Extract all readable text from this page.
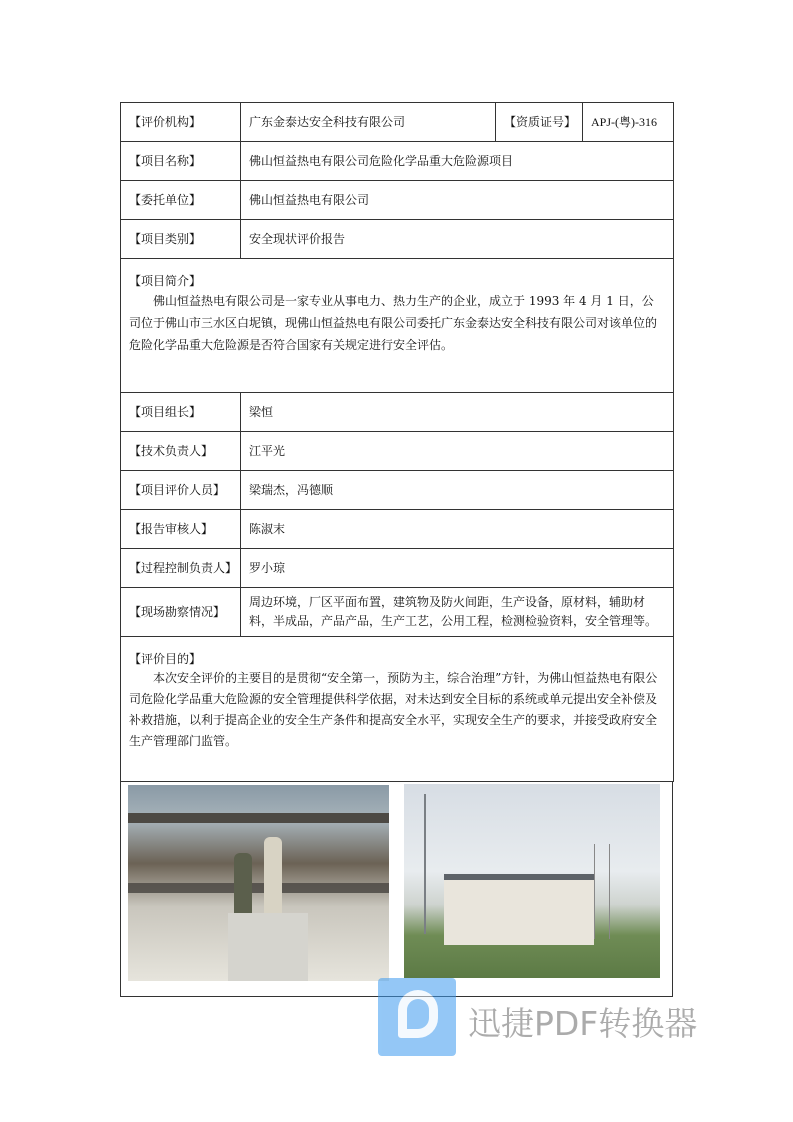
【评价机构】	广东金泰达安全科技有限公司	【资质证号】	APJ-(粤)-316
【项目名称】	佛山恒益热电有限公司危险化学品重大危险源项目		
【委托单位】	佛山恒益热电有限公司		
【项目类别】	安全现状评价报告		

【项目简介】

佛山恒益热电有限公司是一家专业从事电力、热力生产的企业，成立于 1993 年 4 月 1 日，公司位于佛山市三水区白坭镇，现佛山恒益热电有限公司委托广东金泰达安全科技有限公司对该单位的危险化学品重大危险源是否符合国家有关规定进行安全评估。			

【项目组长】	梁恒		
【技术负责人】	江平光		
【项目评价人员】	梁瑞杰，冯德顺		
【报告审核人】	陈淑末		
【过程控制负责人】	罗小琼		
【现场勘察情况】	周边环境，厂区平面布置，建筑物及防火间距，生产设备，原材料，辅助材料，半成品，产品产品，生产工艺，公用工程，检测检验资料，安全管理等。		

【评价目的】

本次安全评价的主要目的是贯彻“安全第一，预防为主，综合治理”方针，为佛山恒益热电有限公司危险化学品重大危险源的安全管理提供科学依据，对未达到安全目标的系统或单元提出安全补偿及补救措施，以利于提高企业的安全生产条件和提高安全水平，实现安全生产的要求，并接受政府安全生产管理部门监管。			

迅捷PDF转换器
